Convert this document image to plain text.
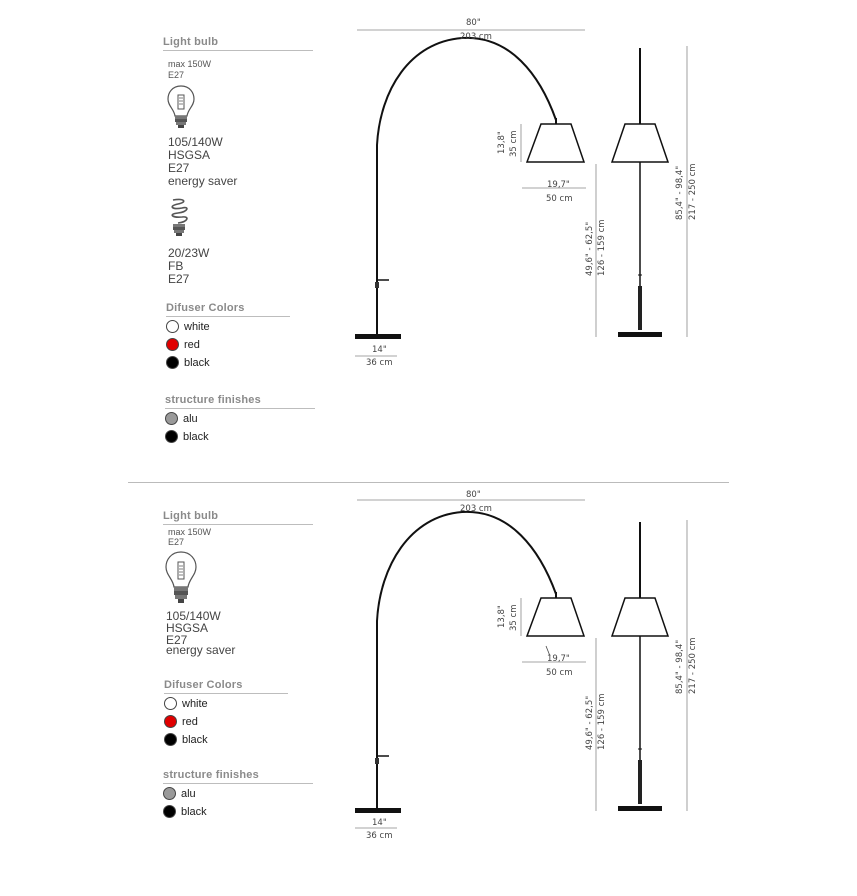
Light bulb
max 150W
E27
105/140W
HSGSA
E27
energy saver
20/23W
FB
E27
Difuser Colors
white
red
black
structure finishes
alu
black
80"
203 cm
13,8" 35 cm
19,7"
50 cm
49,6" - 62,5" 126 - 159 cm
85,4" - 98,4" 217 - 250 cm
14"
36 cm
Light bulb
max 150W
E27
105/140W
HSGSA
E27
energy saver
Difuser Colors
white
red
black
structure finishes
alu
black
80"
203 cm
13,8" 35 cm
19,7"
50 cm
49,6" - 62,5" 126 - 159 cm
85,4" - 98,4" 217 - 250 cm
14"
36 cm
